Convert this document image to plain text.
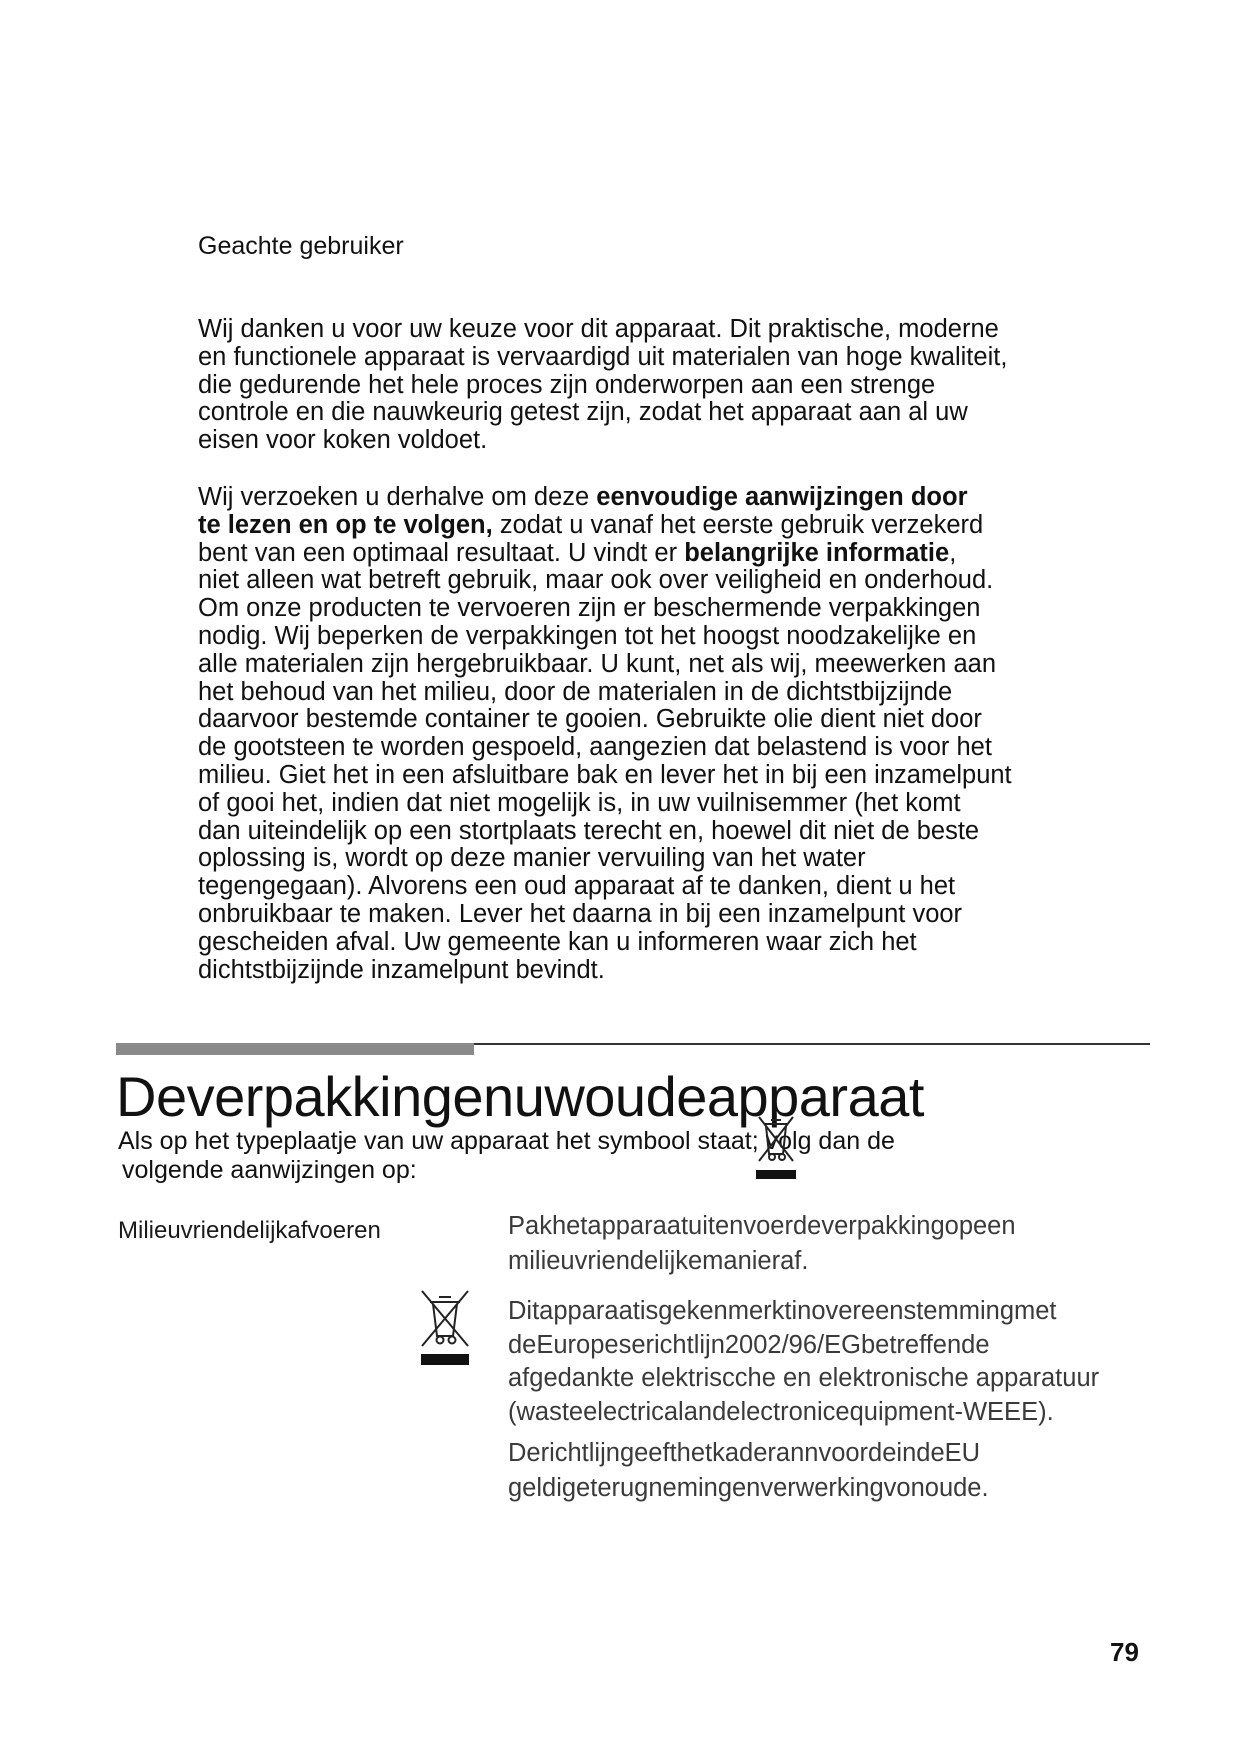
Geachte gebruiker

Wij danken u voor uw keuze voor dit apparaat. Dit praktische, moderne
en functionele apparaat is vervaardigd uit materialen van hoge kwaliteit,
die gedurende het hele proces zijn onderworpen aan een strenge
controle en die nauwkeurig getest zijn, zodat het apparaat aan al uw
eisen voor koken voldoet.

Wij verzoeken u derhalve om deze eenvoudige aanwijzingen door
te lezen en op te volgen, zodat u vanaf het eerste gebruik verzekerd
bent van een optimaal resultaat. U vindt er belangrijke informatie,
niet alleen wat betreft gebruik, maar ook over veiligheid en onderhoud.
Om onze producten te vervoeren zijn er beschermende verpakkingen
nodig. Wij beperken de verpakkingen tot het hoogst noodzakelijke en
alle materialen zijn hergebruikbaar. U kunt, net als wij, meewerken aan
het behoud van het milieu, door de materialen in de dichtstbijzijnde
daarvoor bestemde container te gooien. Gebruikte olie dient niet door
de gootsteen te worden gespoeld, aangezien dat belastend is voor het
milieu. Giet het in een afsluitbare bak en lever het in bij een inzamelpunt
of gooi het, indien dat niet mogelijk is, in uw vuilnisemmer (het komt
dan uiteindelijk op een stortplaats terecht en, hoewel dit niet de beste
oplossing is, wordt op deze manier vervuiling van het water
tegengegaan). Alvorens een oud apparaat af te danken, dient u het
onbruikbaar te maken. Lever het daarna in bij een inzamelpunt voor
gescheiden afval. Uw gemeente kan u informeren waar zich het
dichtstbijzijnde inzamelpunt bevindt.

Deverpakkingenuwoudeapparaat

Als op het typeplaatje van uw apparaat het symbool staat; volg dan de
volgende aanwijzingen op:

Milieuvriendelijkafvoeren	Pakhetapparaatuitenvoerdeverpakkingopeen
milieuvriendelijkemanieraf.

Ditapparaatisgekenmerktinovereenstemmingmet
deEuropeserichtlijn2002/96/EGbetreffende
afgedankte elektriscche en elektronische apparatuur
(wasteelectricalandelectronicequipment-WEEE).

DerichtlijngeefthetkaderannvoordeindeEU
geldigeterugnemingenverwerkingvonoude.

79
